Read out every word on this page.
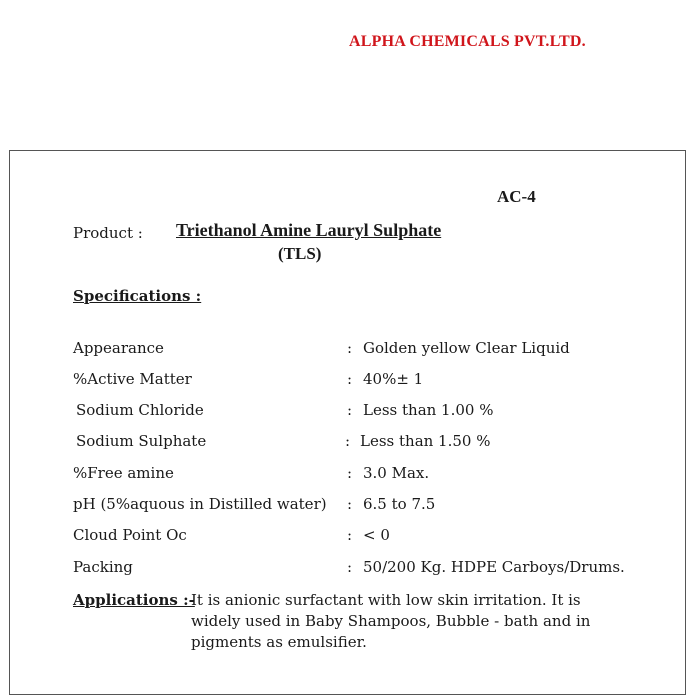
ALPHA CHEMICALS PVT.LTD.
AC-4
Product : Triethanol Amine Lauryl Sulphate
(TLS)
Specifications :
Appearance	: Golden yellow Clear Liquid
%Active Matter	: 40%± 1
Sodium Chloride	: Less than 1.00 %
Sodium Sulphate	: Less than 1.50 %
%Free amine	: 3.0 Max.
pH (5%aquous in Distilled water) : 6.5 to 7.5
Cloud Point Oc	: < 0
Packing	: 50/200 Kg. HDPE Carboys/Drums.
Applications :-
It is anionic surfactant with low skin irritation. It is widely used in Baby Shampoos, Bubble - bath and in pigments as emulsifier.
